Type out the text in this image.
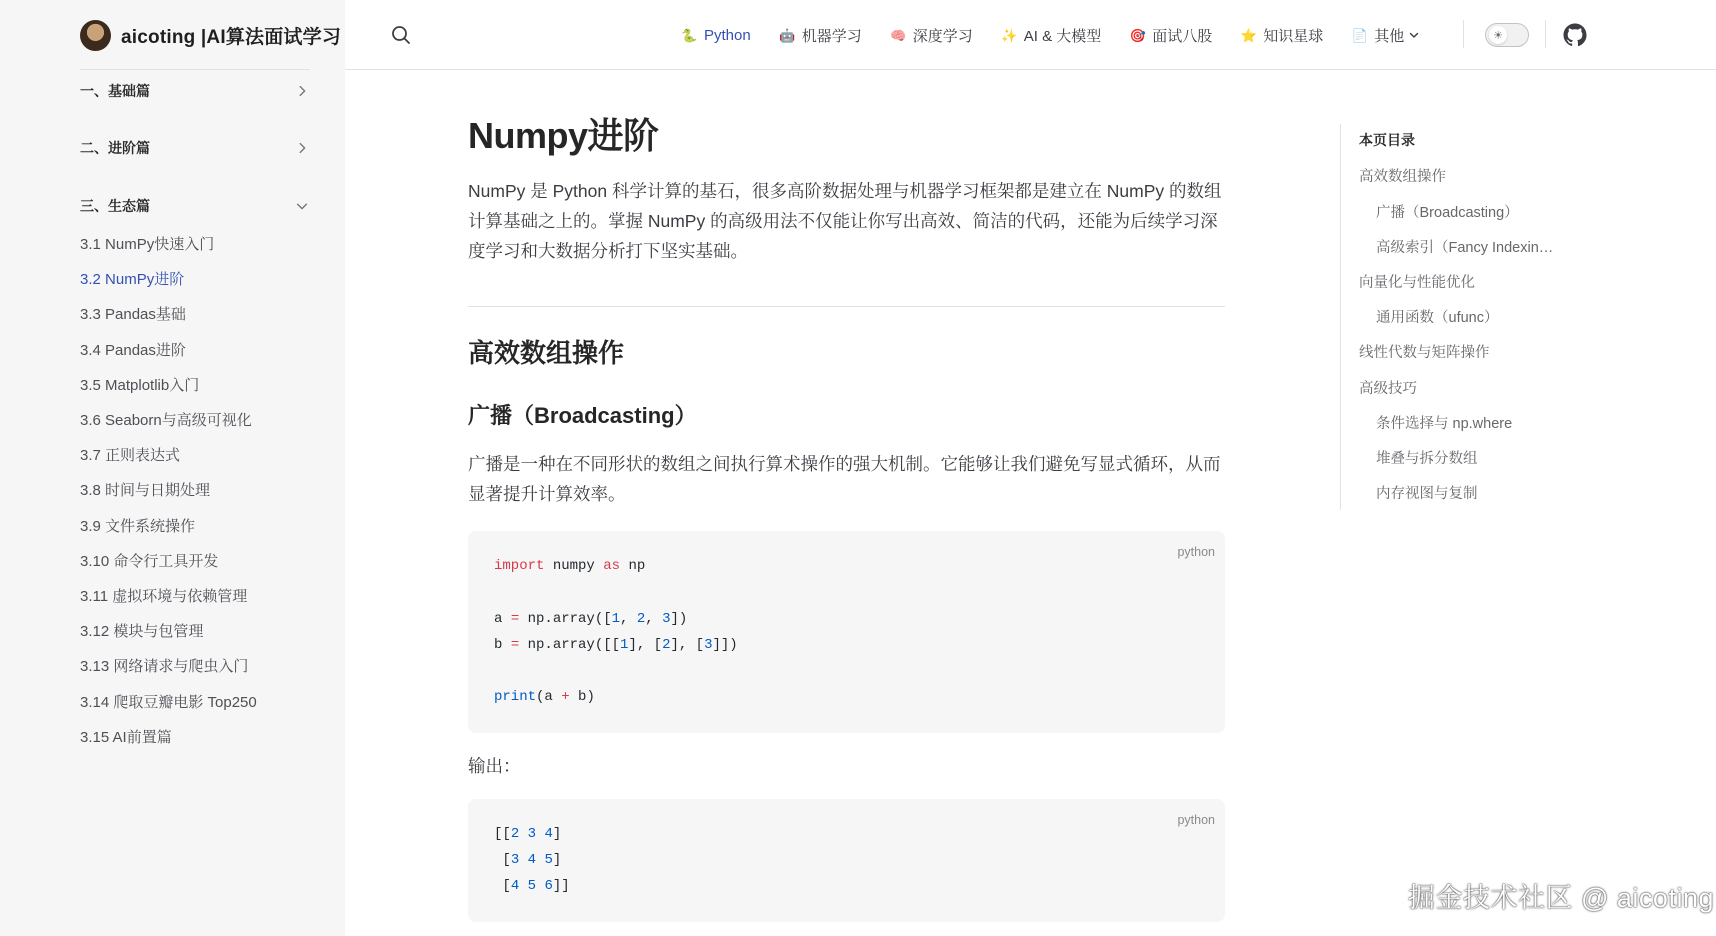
aicoting |AI算法面试学习
一、基础篇
二、进阶篇
三、生态篇
3.1 NumPy快速入门
3.2 NumPy进阶
3.3 Pandas基础
3.4 Pandas进阶
3.5 Matplotlib入门
3.6 Seaborn与高级可视化
3.7 正则表达式
3.8 时间与日期处理
3.9 文件系统操作
3.10 命令行工具开发
3.11 虚拟环境与依赖管理
3.12 模块与包管理
3.13 网络请求与爬虫入门
3.14 爬取豆瓣电影 Top250
3.15 AI前置篇
🐍 Python 🤖 机器学习 🧠 深度学习 ✨ AI & 大模型 🎯 面试八股 ⭐ 知识星球 📄 其他	☀
Numpy进阶

NumPy 是 Python 科学计算的基石，很多高阶数据处理与机器学习框架都是建立在 NumPy 的数组计算基础之上的。掌握 NumPy 的高级用法不仅能让你写出高效、简洁的代码，还能为后续学习深度学习和大数据分析打下坚实基础。

高效数组操作
广播（Broadcasting）

广播是一种在不同形状的数组之间执行算术操作的强大机制。它能够让我们避免写显式循环，从而显著提升计算效率。

python
import numpy as np

a = np.array([1, 2, 3])
b = np.array([[1], [2], [3]])

print(a + b)

输出：

python
[[2 3 4]
[3 4 5]
[4 5 6]]
本页目录
高效数组操作
广播（Broadcasting）
高级索引（Fancy Indexin…
向量化与性能优化
通用函数（ufunc）
线性代数与矩阵操作
高级技巧
条件选择与 np.where
堆叠与拆分数组
内存视图与复制
掘金技术社区 @ aicoting
